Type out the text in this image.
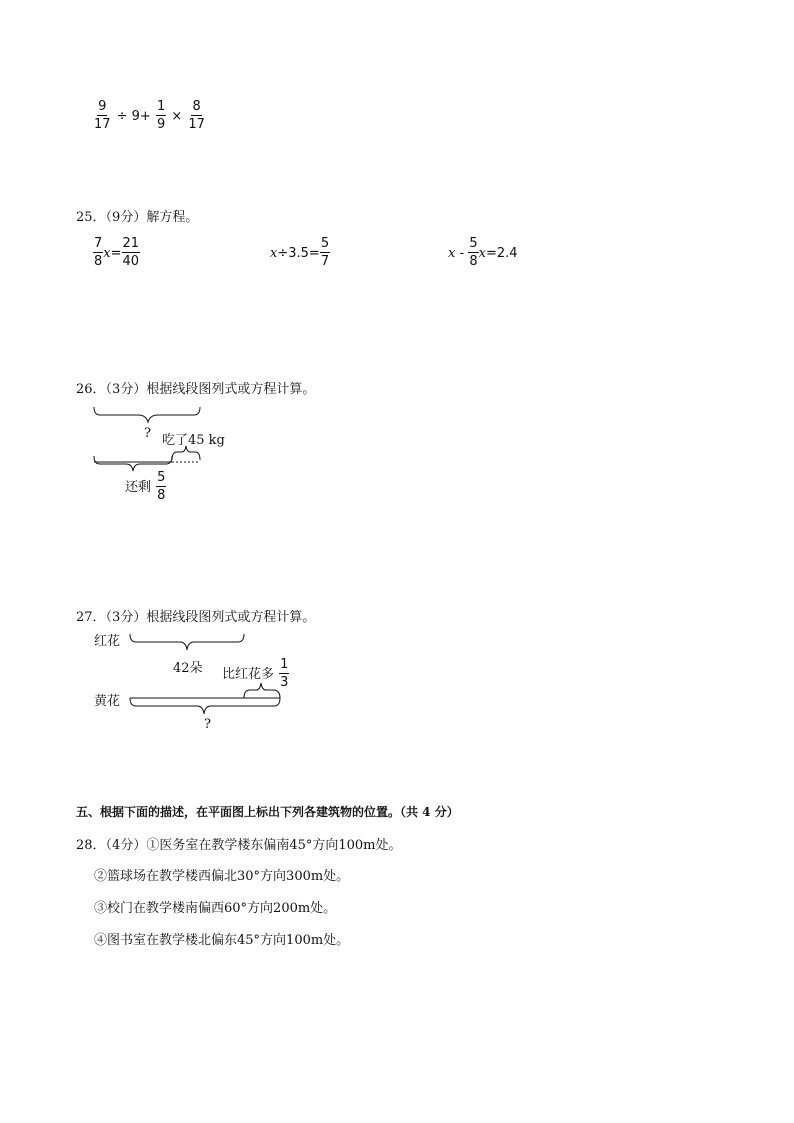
$\frac{9}{17} \div 9+ \frac{1}{9} \times \frac{8}{17}$
25．（9分）解方程。
$\frac{7}{8} x= \frac{21}{40}$	$x\div 3.5= \frac{5}{7}$	$x - \frac{5}{8} x=2.4$
26．（3分）根据线段图列式或方程计算。
? 吃了45 kg
还剩 $\frac{5}{8}$
27．（3分）根据线段图列式或方程计算。
红花
42朵 比红花多 $\frac{1}{3}$
黄花
?
五、根据下面的描述，在平面图上标出下列各建筑物的位置。（共 4 分）
28．（4分）①医务室在教学楼东偏南45°方向100m处。
②篮球场在教学楼西偏北30°方向300m处。
③校门在教学楼南偏西60°方向200m处。
④图书室在教学楼北偏东45°方向100m处。
